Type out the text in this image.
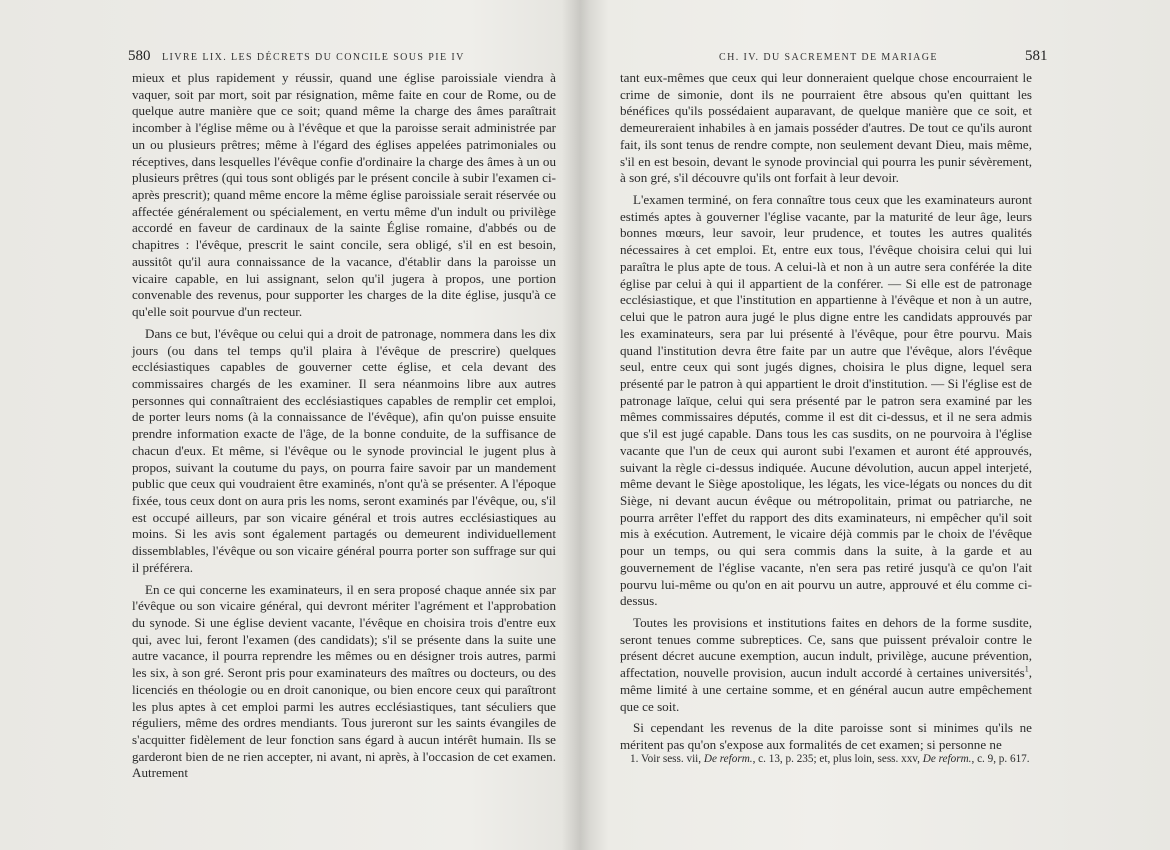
580 LIVRE LIX. LES DÉCRETS DU CONCILE SOUS PIE IV

mieux et plus rapidement y réussir, quand une église paroissiale viendra à vaquer, soit par mort, soit par résignation, même faite en cour de Rome, ou de quelque autre manière que ce soit; quand même la charge des âmes paraîtrait incomber à l'église même ou à l'évêque et que la paroisse serait administrée par un ou plusieurs prêtres; même à l'égard des églises appelées patrimoniales ou réceptives, dans lesquelles l'évêque confie d'ordinaire la charge des âmes à un ou plusieurs prêtres (qui tous sont obligés par le présent concile à subir l'examen ci-après prescrit); quand même encore la même église paroissiale serait réservée ou affectée généralement ou spécialement, en vertu même d'un indult ou privilège accordé en faveur de cardinaux de la sainte Église romaine, d'abbés ou de chapitres : l'évêque, prescrit le saint concile, sera obligé, s'il en est besoin, aussitôt qu'il aura connaissance de la vacance, d'établir dans la paroisse un vicaire capable, en lui assignant, selon qu'il jugera à propos, une portion convenable des revenus, pour supporter les charges de la dite église, jusqu'à ce qu'elle soit pourvue d'un recteur.

Dans ce but, l'évêque ou celui qui a droit de patronage, nommera dans les dix jours (ou dans tel temps qu'il plaira à l'évêque de prescrire) quelques ecclésiastiques capables de gouverner cette église, et cela devant des commissaires chargés de les examiner. Il sera néanmoins libre aux autres personnes qui connaîtraient des ecclésiastiques capables de remplir cet emploi, de porter leurs noms (à la connaissance de l'évêque), afin qu'on puisse ensuite prendre information exacte de l'âge, de la bonne conduite, de la suffisance de chacun d'eux. Et même, si l'évêque ou le synode provincial le jugent plus à propos, suivant la coutume du pays, on pourra faire savoir par un mandement public que ceux qui voudraient être examinés, n'ont qu'à se présenter. A l'époque fixée, tous ceux dont on aura pris les noms, seront examinés par l'évêque, ou, s'il est occupé ailleurs, par son vicaire général et trois autres ecclésiastiques au moins. Si les avis sont également partagés ou demeurent individuellement dissemblables, l'évêque ou son vicaire général pourra porter son suffrage sur qui il préférera.

En ce qui concerne les examinateurs, il en sera proposé chaque année six par l'évêque ou son vicaire général, qui devront mériter l'agrément et l'approbation du synode. Si une église devient vacante, l'évêque en choisira trois d'entre eux qui, avec lui, feront l'examen (des candidats); s'il se présente dans la suite une autre vacance, il pourra reprendre les mêmes ou en désigner trois autres, parmi les six, à son gré. Seront pris pour examinateurs des maîtres ou docteurs, ou des licenciés en théologie ou en droit canonique, ou bien encore ceux qui paraîtront les plus aptes à cet emploi parmi les autres ecclésiastiques, tant séculiers que réguliers, même des ordres mendiants. Tous jureront sur les saints évangiles de s'acquitter fidèlement de leur fonction sans égard à aucun intérêt humain. Ils se garderont bien de ne rien accepter, ni avant, ni après, à l'occasion de cet examen. Autrement

CH. IV. DU SACREMENT DE MARIAGE	581

tant eux-mêmes que ceux qui leur donneraient quelque chose encourraient le crime de simonie, dont ils ne pourraient être absous qu'en quittant les bénéfices qu'ils possédaient auparavant, de quelque manière que ce soit, et demeureraient inhabiles à en jamais posséder d'autres. De tout ce qu'ils auront fait, ils sont tenus de rendre compte, non seulement devant Dieu, mais même, s'il en est besoin, devant le synode provincial qui pourra les punir sévèrement, à son gré, s'il découvre qu'ils ont forfait à leur devoir.

L'examen terminé, on fera connaître tous ceux que les examinateurs auront estimés aptes à gouverner l'église vacante, par la maturité de leur âge, leurs bonnes mœurs, leur savoir, leur prudence, et toutes les autres qualités nécessaires à cet emploi. Et, entre eux tous, l'évêque choisira celui qui lui paraîtra le plus apte de tous. A celui-là et non à un autre sera conférée la dite église par celui à qui il appartient de la conférer. — Si elle est de patronage ecclésiastique, et que l'institution en appartienne à l'évêque et non à un autre, celui que le patron aura jugé le plus digne entre les candidats approuvés par les examinateurs, sera par lui présenté à l'évêque, pour être pourvu. Mais quand l'institution devra être faite par un autre que l'évêque, alors l'évêque seul, entre ceux qui sont jugés dignes, choisira le plus digne, lequel sera présenté par le patron à qui appartient le droit d'institution. — Si l'église est de patronage laïque, celui qui sera présenté par le patron sera examiné par les mêmes commissaires députés, comme il est dit ci-dessus, et il ne sera admis que s'il est jugé capable. Dans tous les cas susdits, on ne pourvoira à l'église vacante que l'un de ceux qui auront subi l'examen et auront été approuvés, suivant la règle ci-dessus indiquée. Aucune dévolution, aucun appel interjeté, même devant le Siège apostolique, les légats, les vice-légats ou nonces du dit Siège, ni devant aucun évêque ou métropolitain, primat ou patriarche, ne pourra arrêter l'effet du rapport des dits examinateurs, ni empêcher qu'il soit mis à exécution. Autrement, le vicaire déjà commis par le choix de l'évêque pour un temps, ou qui sera commis dans la suite, à la garde et au gouvernement de l'église vacante, n'en sera pas retiré jusqu'à ce qu'on l'ait pourvu lui-même ou qu'on en ait pourvu un autre, approuvé et élu comme ci-dessus.

Toutes les provisions et institutions faites en dehors de la forme susdite, seront tenues comme subreptices. Ce, sans que puissent prévaloir contre le présent décret aucune exemption, aucun indult, privilège, aucune prévention, affectation, nouvelle provision, aucun indult accordé à certaines universités$^1$, même limité à une certaine somme, et en général aucun autre empêchement que ce soit.

Si cependant les revenus de la dite paroisse sont si minimes qu'ils ne méritent pas qu'on s'expose aux formalités de cet examen; si personne ne

1. Voir sess. vii, De reform., c. 13, p. 235; et, plus loin, sess. xxv, De reform., c. 9, p. 617.
